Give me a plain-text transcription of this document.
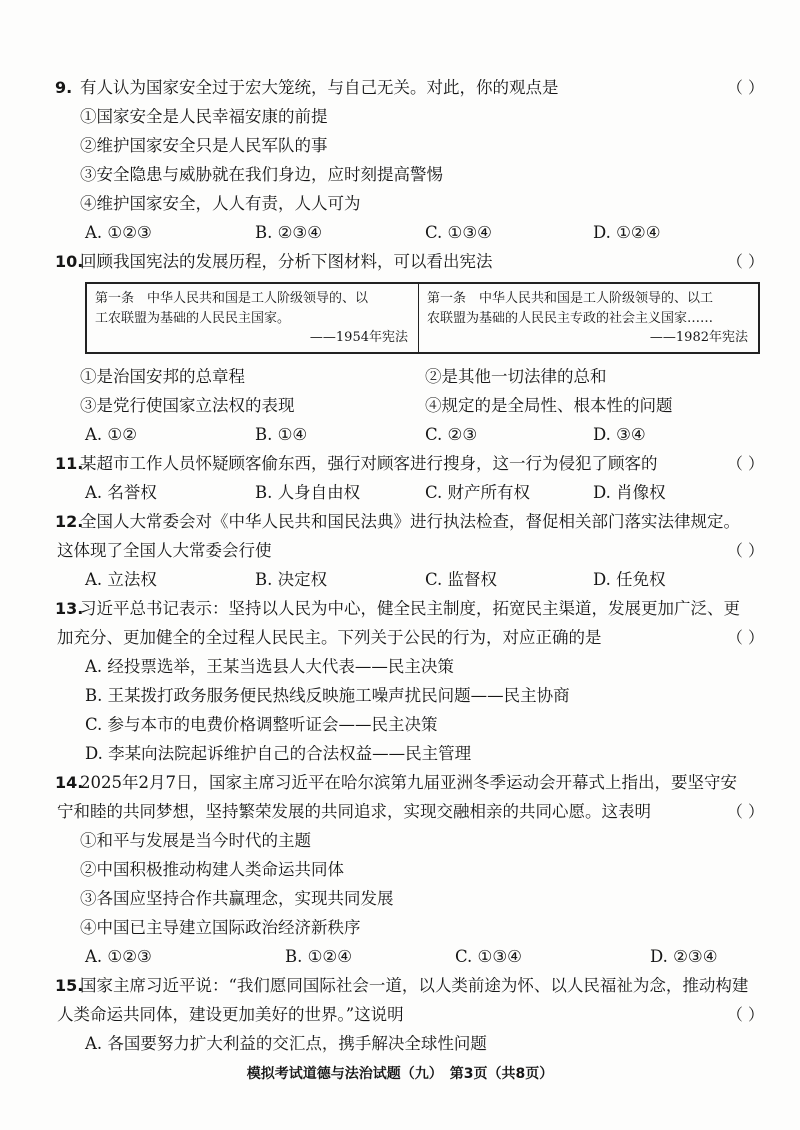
9. 有人认为国家安全过于宏大笼统，与自己无关。对此，你的观点是	（ ）
①国家安全是人民幸福安康的前提
②维护国家安全只是人民军队的事
③安全隐患与威胁就在我们身边，应时刻提高警惕
④维护国家安全，人人有责，人人可为
A. ①②③	B. ②③④	C. ①③④	D. ①②④
10.
回顾我国宪法的发展历程，分析下图材料，可以看出宪法	（ ）
第一条　中华人民共和国是工人阶级领导的、以
工农联盟为基础的人民民主国家。
——1954年宪法
第一条　中华人民共和国是工人阶级领导的、以工
农联盟为基础的人民民主专政的社会主义国家……
——1982年宪法
①是治国安邦的总章程	②是其他一切法律的总和
③是党行使国家立法权的表现	④规定的是全局性、根本性的问题
A. ①②	B. ①④	C. ②③	D. ③④
11.
某超市工作人员怀疑顾客偷东西，强行对顾客进行搜身，这一行为侵犯了顾客的	（ ）
A. 名誉权	B. 人身自由权	C. 财产所有权	D. 肖像权
12.
全国人大常委会对《中华人民共和国民法典》进行执法检查，督促相关部门落实法律规定。
这体现了全国人大常委会行使	（ ）
A. 立法权	B. 决定权	C. 监督权	D. 任免权
13.
习近平总书记表示：坚持以人民为中心，健全民主制度，拓宽民主渠道，发展更加广泛、更
加充分、更加健全的全过程人民民主。下列关于公民的行为，对应正确的是	（ ）
A. 经投票选举，王某当选县人大代表——民主决策
B. 王某拨打政务服务便民热线反映施工噪声扰民问题——民主协商
C. 参与本市的电费价格调整听证会——民主决策
D. 李某向法院起诉维护自己的合法权益——民主管理
14.
2025年2月7日，国家主席习近平在哈尔滨第九届亚洲冬季运动会开幕式上指出，要坚守安
宁和睦的共同梦想，坚持繁荣发展的共同追求，实现交融相亲的共同心愿。这表明	（ ）
①和平与发展是当今时代的主题
②中国积极推动构建人类命运共同体
③各国应坚持合作共赢理念，实现共同发展
④中国已主导建立国际政治经济新秩序
A. ①②③	B. ①②④	C. ①③④	D. ②③④
15.
国家主席习近平说：“我们愿同国际社会一道，以人类前途为怀、以人民福祉为念，推动构建
人类命运共同体，建设更加美好的世界。”这说明	（ ）
A. 各国要努力扩大利益的交汇点，携手解决全球性问题
模拟考试道德与法治试题（九）　第3页（共8页）
